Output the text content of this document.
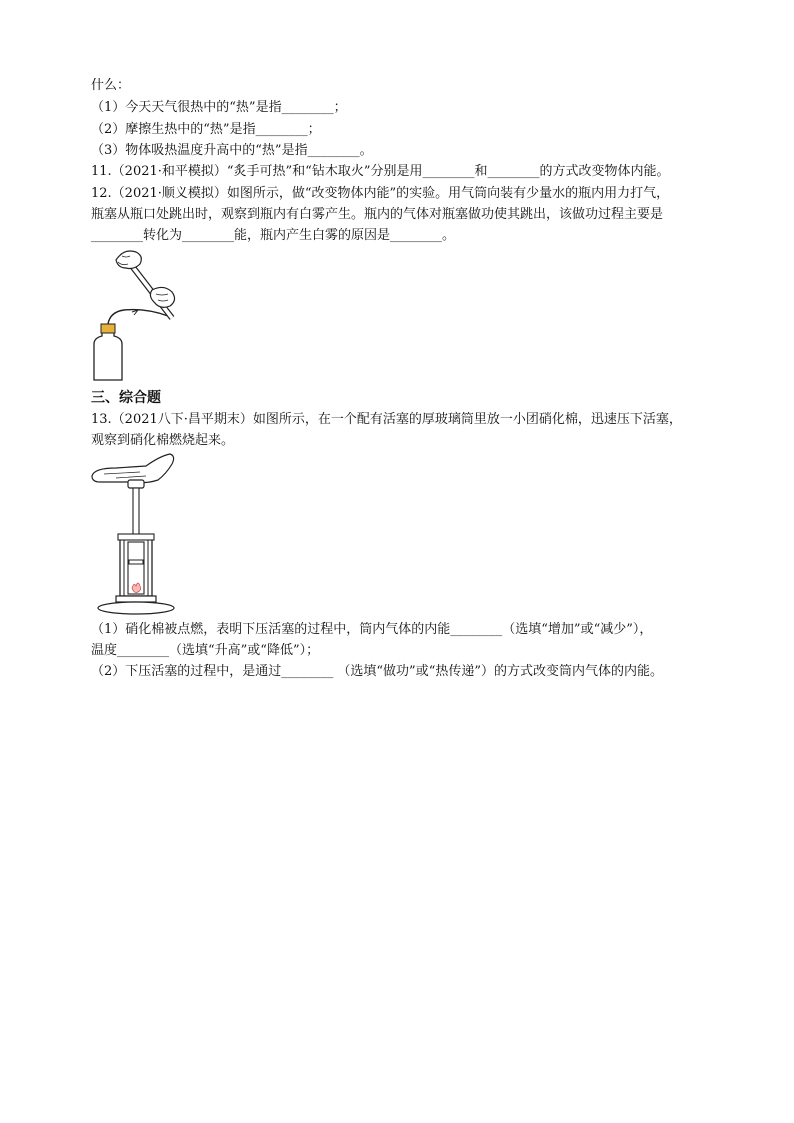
什么：
（1）今天天气很热中的“热”是指________；
（2）摩擦生热中的“热”是指________；
（3）物体吸热温度升高中的“热”是指________。
11.（2021·和平模拟）“炙手可热”和“钻木取火”分别是用________和________的方式改变物体内能。
12.（2021·顺义模拟）如图所示，做“改变物体内能”的实验。用气筒向装有少量水的瓶内用力打气，
瓶塞从瓶口处跳出时，观察到瓶内有白雾产生。瓶内的气体对瓶塞做功使其跳出，该做功过程主要是
________转化为________能，瓶内产生白雾的原因是________。
三、综合题
13.（2021八下·昌平期末）如图所示，在一个配有活塞的厚玻璃筒里放一小团硝化棉，迅速压下活塞，
观察到硝化棉燃烧起来。
（1）硝化棉被点燃，表明下压活塞的过程中，筒内气体的内能________（选填“增加”或“减少”），
温度________（选填“升高”或“降低”）；
（2）下压活塞的过程中，是通过________ （选填“做功”或“热传递”）的方式改变筒内气体的内能。
